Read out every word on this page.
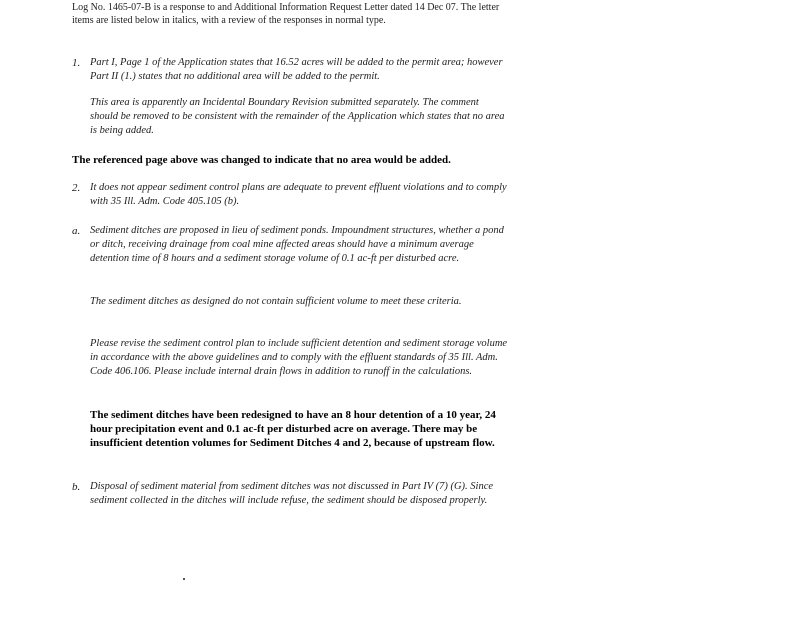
Log No. 1465-07-B is a response to and Additional Information Request Letter dated 14 Dec 07. The letter items are listed below in italics, with a review of the responses in normal type.
1. Part I, Page 1 of the Application states that 16.52 acres will be added to the permit area; however Part II (1.) states that no additional area will be added to the permit.
This area is apparently an Incidental Boundary Revision submitted separately. The comment should be removed to be consistent with the remainder of the Application which states that no area is being added.
The referenced page above was changed to indicate that no area would be added.
2. It does not appear sediment control plans are adequate to prevent effluent violations and to comply with 35 Ill. Adm. Code 405.105 (b).
a. Sediment ditches are proposed in lieu of sediment ponds. Impoundment structures, whether a pond or ditch, receiving drainage from coal mine affected areas should have a minimum average detention time of 8 hours and a sediment storage volume of 0.1 ac-ft per disturbed acre.
The sediment ditches as designed do not contain sufficient volume to meet these criteria.
Please revise the sediment control plan to include sufficient detention and sediment storage volume in accordance with the above guidelines and to comply with the effluent standards of 35 Ill. Adm. Code 406.106. Please include internal drain flows in addition to runoff in the calculations.
The sediment ditches have been redesigned to have an 8 hour detention of a 10 year, 24 hour precipitation event and 0.1 ac-ft per disturbed acre on average. There may be insufficient detention volumes for Sediment Ditches 4 and 2, because of upstream flow.
b. Disposal of sediment material from sediment ditches was not discussed in Part IV (7) (G). Since sediment collected in the ditches will include refuse, the sediment should be disposed properly.
